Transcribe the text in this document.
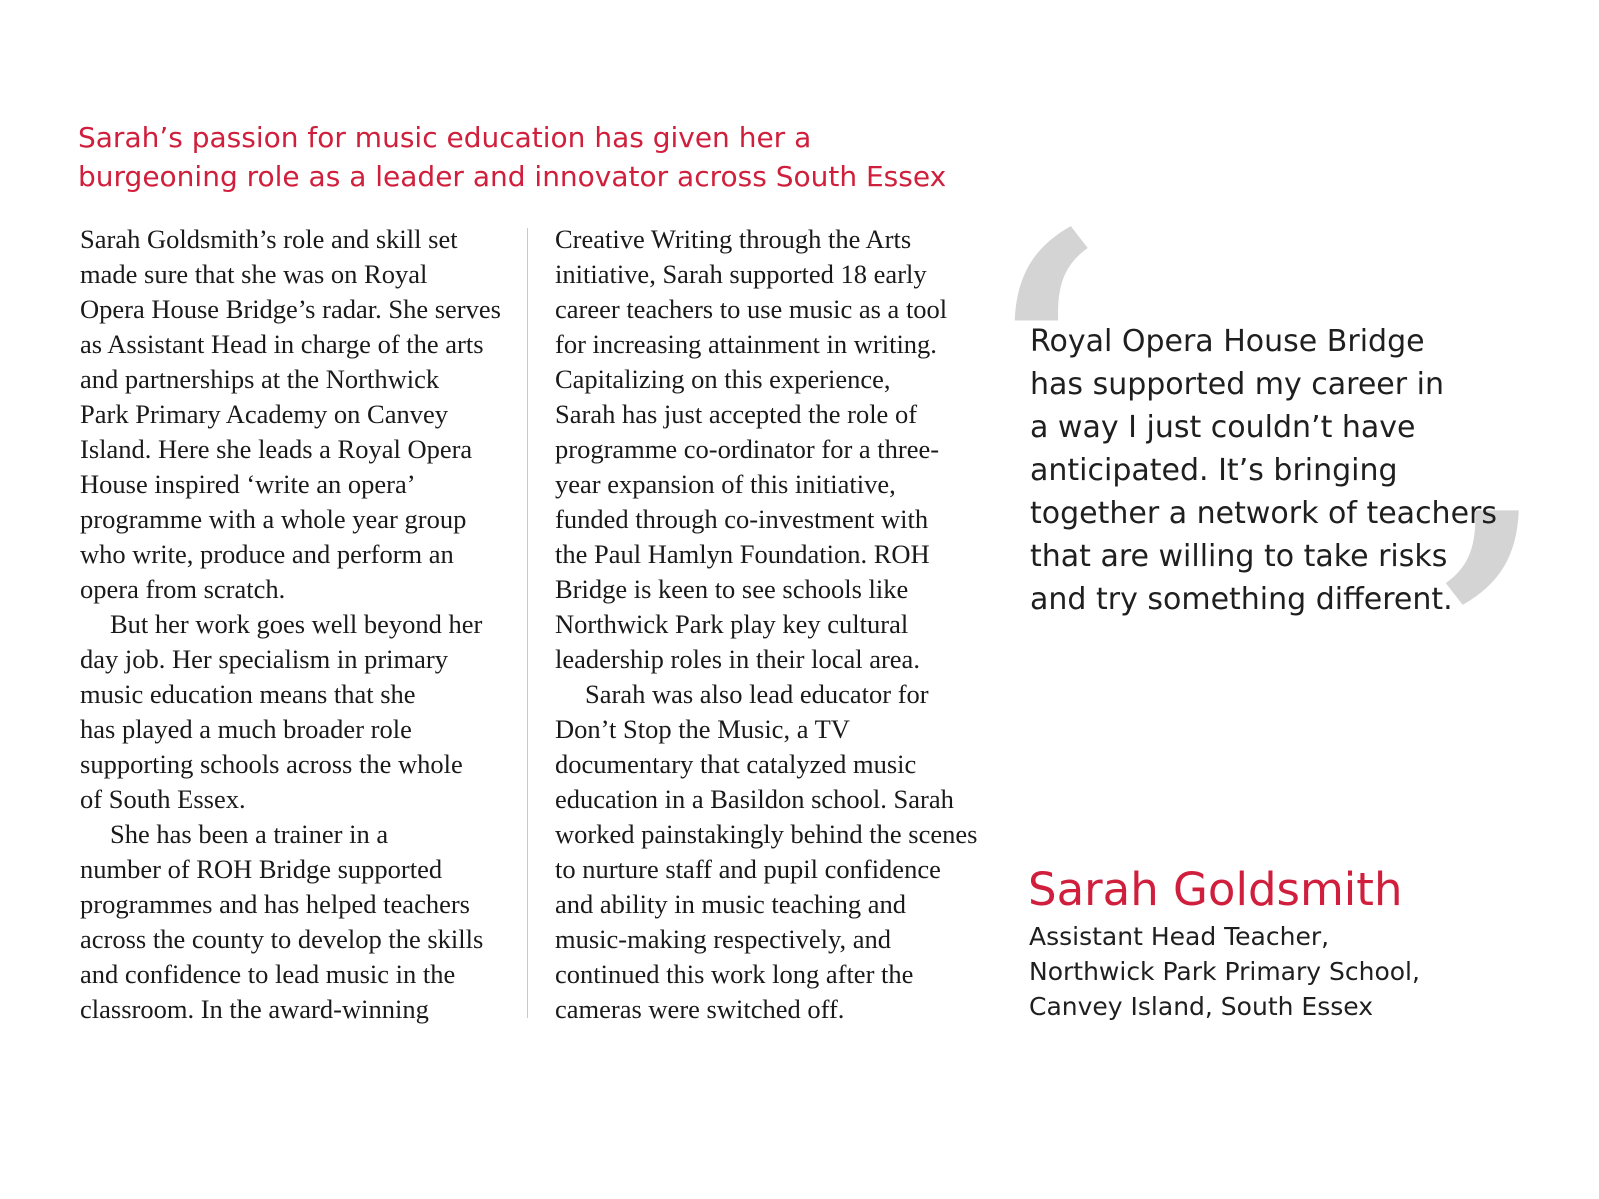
Sarah’s passion for music education has given her a
burgeoning role as a leader and innovator across South Essex
Sarah Goldsmith’s role and skill set
made sure that she was on Royal
Opera House Bridge’s radar. She serves
as Assistant Head in charge of the arts
and partnerships at the Northwick
Park Primary Academy on Canvey
Island. Here she leads a Royal Opera
House inspired ‘write an opera’
programme with a whole year group
who write, produce and perform an
opera from scratch.
But her work goes well beyond her
day job. Her specialism in primary
music education means that she
has played a much broader role
supporting schools across the whole
of South Essex.
She has been a trainer in a
number of ROH Bridge supported
programmes and has helped teachers
across the county to develop the skills
and confidence to lead music in the
classroom. In the award-winning
Creative Writing through the Arts
initiative, Sarah supported 18 early
career teachers to use music as a tool
for increasing attainment in writing.
Capitalizing on this experience,
Sarah has just accepted the role of
programme co-ordinator for a three-
year expansion of this initiative,
funded through co-investment with
the Paul Hamlyn Foundation. ROH
Bridge is keen to see schools like
Northwick Park play key cultural
leadership roles in their local area.
Sarah was also lead educator for
Don’t Stop the Music, a TV
documentary that catalyzed music
education in a Basildon school. Sarah
worked painstakingly behind the scenes
to nurture staff and pupil confidence
and ability in music teaching and
music-making respectively, and
continued this work long after the
cameras were switched off.
‘
’
Royal Opera House Bridge
has supported my career in
a way I just couldn’t have
anticipated. It’s bringing
together a network of teachers
that are willing to take risks
and try something different.
Sarah Goldsmith
Assistant Head Teacher,
Northwick Park Primary School,
Canvey Island, South Essex
